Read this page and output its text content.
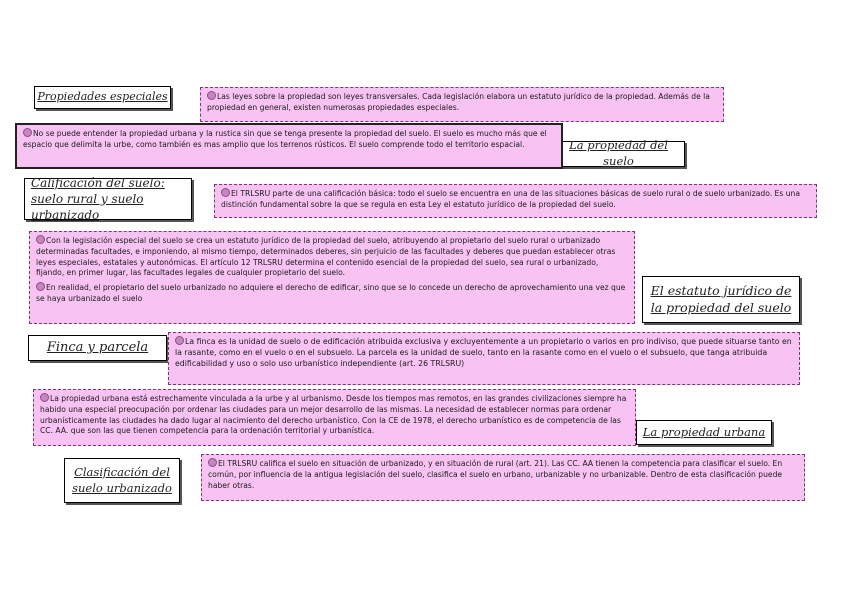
Propiedades especiales
La propiedad del suelo
Calificación del suelo: suelo rural y suelo urbanizado
El estatuto jurídico de la propiedad del suelo
Finca y parcela
La propiedad urbana
Clasificación del suelo urbanizado
Las leyes sobre la propiedad son leyes transversales. Cada legislación elabora un estatuto jurídico de la propiedad. Además de la propiedad en general, existen numerosas propiedades especiales.
No se puede entender la propiedad urbana y la rustica sin que se tenga presente la propiedad del suelo. El suelo es mucho más que el espacio que delimita la urbe, como también es mas amplio que los terrenos rústicos. El suelo comprende todo el territorio espacial.
El TRLSRU parte de una calificación básica: todo el suelo se encuentra en una de las situaciones básicas de suelo rural o de suelo urbanizado. Es una distinción fundamental sobre la que se regula en esta Ley el estatuto jurídico de la propiedad del suelo.
Con la legislación especial del suelo se crea un estatuto jurídico de la propiedad del suelo, atribuyendo al propietario del suelo rural o urbanizado determinadas facultades, e imponiendo, al mismo tiempo, determinados deberes, sin perjuicio de las facultades y deberes que puedan establecer otras leyes especiales, estatales y autonómicas. El artículo 12 TRLSRU determina el contenido esencial de la propiedad del suelo, sea rural o urbanizado, fijando, en primer lugar, las facultades legales de cualquier propietario del suelo.
En realidad, el propietario del suelo urbanizado no adquiere el derecho de edificar, sino que se lo concede un derecho de aprovechamiento una vez que se haya urbanizado el suelo
La finca es la unidad de suelo o de edificación atribuida exclusiva y excluyentemente a un propietario o varios en pro indiviso, que puede situarse tanto en la rasante, como en el vuelo o en el subsuelo. La parcela es la unidad de suelo, tanto en la rasante como en el vuelo o el subsuelo, que tanga atribuida edificabilidad y uso o solo uso urbanístico independiente (art. 26 TRLSRU)
La propiedad urbana está estrechamente vinculada a la urbe y al urbanismo. Desde los tiempos mas remotos, en las grandes civilizaciones siempre ha habido una especial preocupación por ordenar las ciudades para un mejor desarrollo de las mismas. La necesidad de establecer normas para ordenar urbanísticamente las ciudades ha dado lugar al nacimiento del derecho urbanístico. Con la CE de 1978, el derecho urbanístico es de competencia de las CC. AA. que son las que tienen competencia para la ordenación territorial y urbanística.
El TRLSRU califica el suelo en situación de urbanizado, y en situación de rural (art. 21). Las CC. AA tienen la competencia para clasificar el suelo. En común, por influencia de la antigua legislación del suelo, clasifica el suelo en urbano, urbanizable y no urbanizable. Dentro de esta clasificación puede haber otras.
